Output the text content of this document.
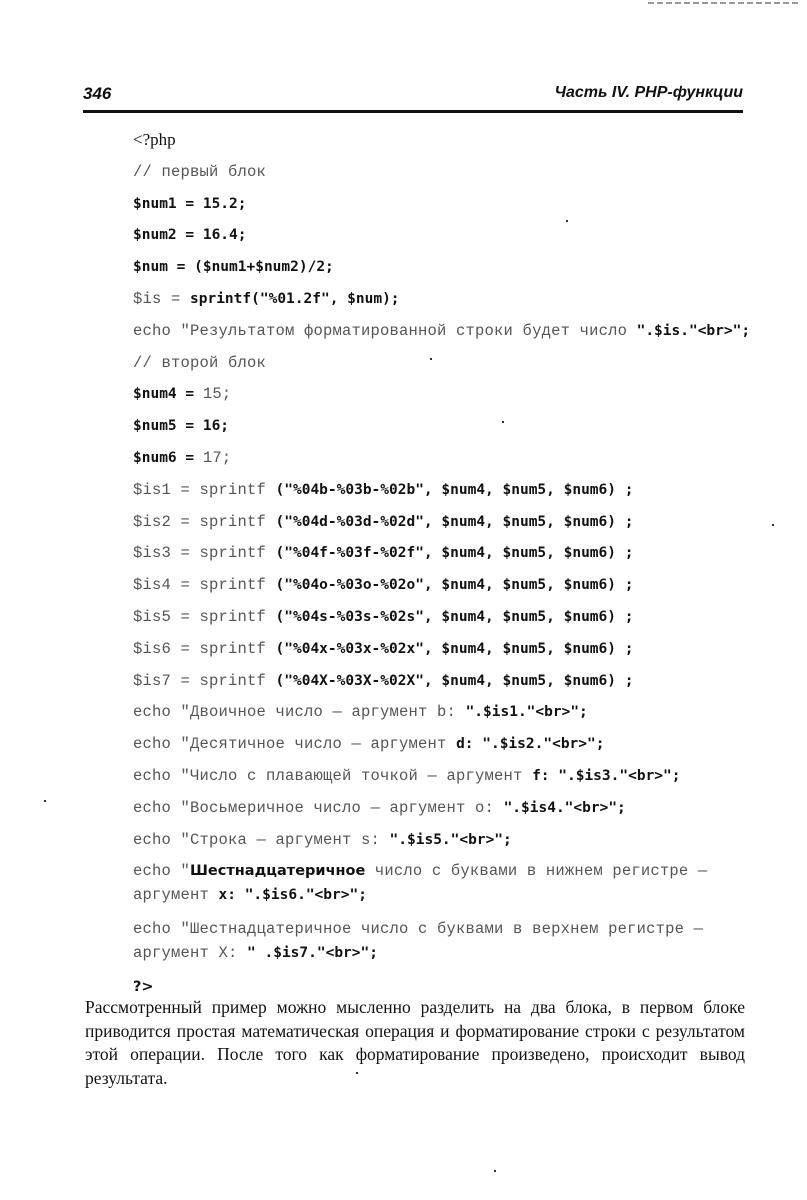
346	Часть IV. PHP-функции
<?php
// первый блок
$num1 = 15.2;
$num2 = 16.4;
$num = ($num1+$num2)/2;
$is = sprintf("%01.2f", $num);
echo "Результатом форматированной строки будет число ".$is."<br>";
// второй блок
$num4 = 15;
$num5 = 16;
$num6 = 17;
$is1 = sprintf ("%04b-%03b-%02b", $num4, $num5, $num6) ;
$is2 = sprintf ("%04d-%03d-%02d", $num4, $num5, $num6) ;
$is3 = sprintf ("%04f-%03f-%02f", $num4, $num5, $num6) ;
$is4 = sprintf ("%04o-%03o-%02o", $num4, $num5, $num6) ;
$is5 = sprintf ("%04s-%03s-%02s", $num4, $num5, $num6) ;
$is6 = sprintf ("%04x-%03x-%02x", $num4, $num5, $num6) ;
$is7 = sprintf ("%04X-%03X-%02X", $num4, $num5, $num6) ;
echo "Двоичное число — аргумент b: ".$is1."<br>";
echo "Десятичное число — аргумент d: ".$is2."<br>";
echo "Число с плавающей точкой — аргумент f: ".$is3."<br>";
echo "Восьмеричное число — аргумент o: ".$is4."<br>";
echo "Строка — аргумент s: ".$is5."<br>";
echo "Шестнадцатеричное число с буквами в нижнем регистре — аргумент x: ".$is6."<br>";
echo "Шестнадцатеричное число с буквами в верхнем регистре — аргумент X: " .$is7."<br>";
?>
Рассмотренный пример можно мысленно разделить на два блока, в первом блоке приводится простая математическая операция и форматирование строки с результатом этой операции. После того как форматирование произведено, происходит вывод результата.
